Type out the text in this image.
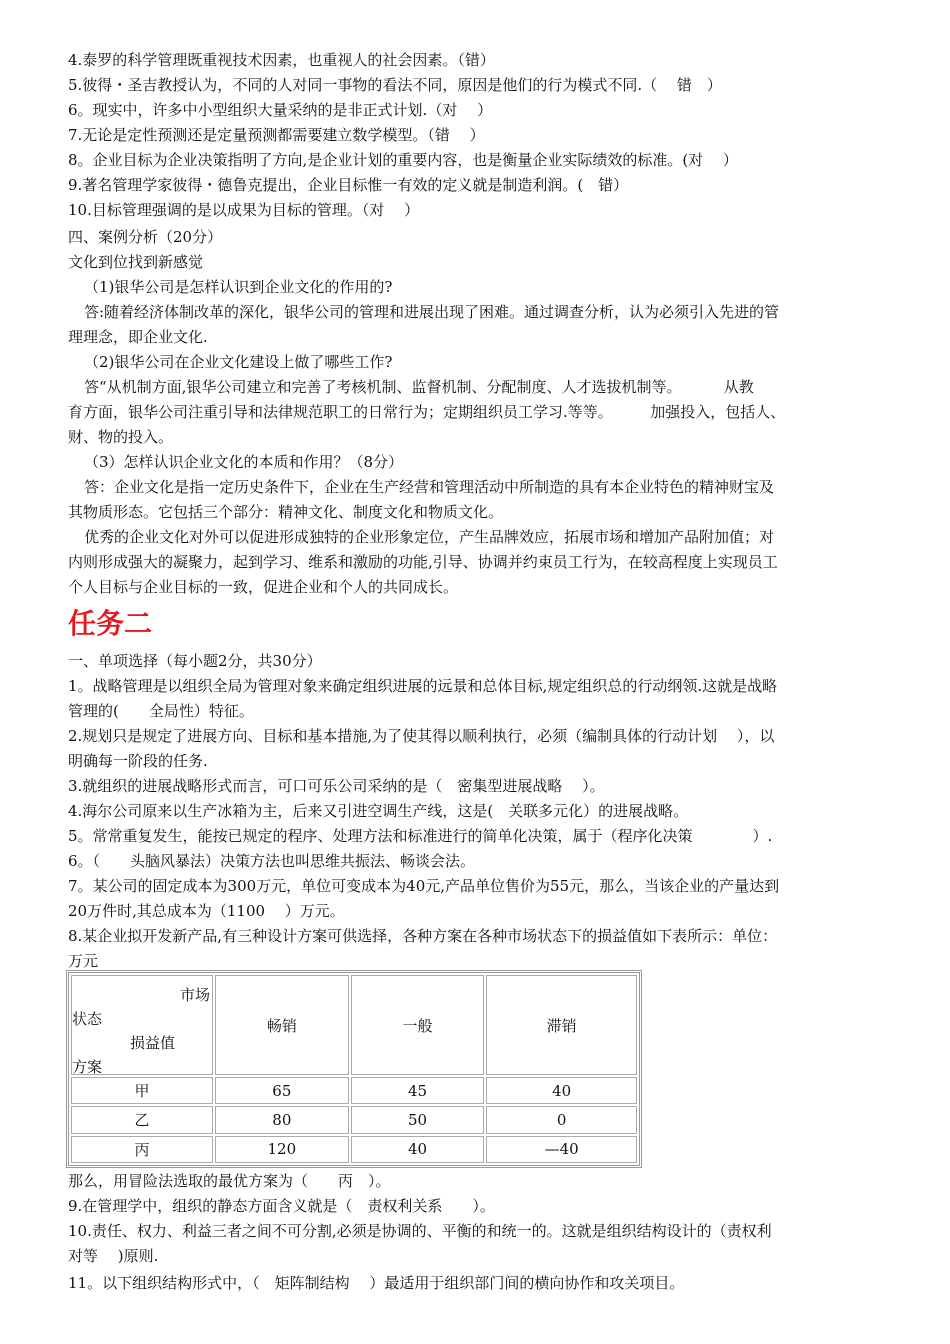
4.泰罗的科学管理既重视技术因素，也重视人的社会因素。（错）
5.彼得・圣吉教授认为，不同的人对同一事物的看法不同，原因是他们的行为模式不同.（　 错　）
6。现实中，许多中小型组织大量采纳的是非正式计划.（对　 ）
7.无论是定性预测还是定量预测都需要建立数学模型。（错　 ）
8。企业目标为企业决策指明了方向,是企业计划的重要内容，也是衡量企业实际绩效的标准。(对　 ）
9.著名管理学家彼得・德鲁克提出，企业目标惟一有效的定义就是制造利润。(　错）
10.目标管理强调的是以成果为目标的管理。（对　 ）
四、案例分析（20分）
文化到位找到新感觉
（1)银华公司是怎样认识到企业文化的作用的?
答:随着经济体制改革的深化，银华公司的管理和进展出现了困难。通过调查分析，认为必须引入先进的管
理理念，即企业文化.
（2)银华公司在企业文化建设上做了哪些工作?
答“从机制方面,银华公司建立和完善了考核机制、监督机制、分配制度、人才选拔机制等。　　　 从教
育方面，银华公司注重引导和法律规范职工的日常行为；定期组织员工学习.等等。　　　加强投入，包括人、
财、物的投入。
（3）怎样认识企业文化的本质和作用？（8分）
答：企业文化是指一定历史条件下，企业在生产经营和管理活动中所制造的具有本企业特色的精神财宝及
其物质形态。它包括三个部分：精神文化、制度文化和物质文化。
优秀的企业文化对外可以促进形成独特的企业形象定位，产生品牌效应，拓展市场和增加产品附加值；对
内则形成强大的凝聚力，起到学习、维系和激励的功能,引导、协调并约束员工行为，在较高程度上实现员工
个人目标与企业目标的一致，促进企业和个人的共同成长。
任务二
一、单项选择（每小题2分，共30分）
1。战略管理是以组织全局为管理对象来确定组织进展的远景和总体目标,规定组织总的行动纲领.这就是战略
管理的(　　全局性）特征。
2.规划只是规定了进展方向、目标和基本措施,为了使其得以顺利执行，必须（编制具体的行动计划　 ），以
明确每一阶段的任务.
3.就组织的进展战略形式而言，可口可乐公司采纳的是（　密集型进展战略　 ）。
4.海尔公司原来以生产冰箱为主，后来又引进空调生产线，这是(　关联多元化）的进展战略。
5。常常重复发生，能按已规定的程序、处理方法和标准进行的简单化决策，属于（程序化决策　　　　）.
6。（　　头脑风暴法）决策方法也叫思维共振法、畅谈会法。
7。某公司的固定成本为300万元，单位可变成本为40元,产品单位售价为55元，那么，当该企业的产量达到
20万件时,其总成本为（1100　 ）万元。
8.某企业拟开发新产品,有三种设计方案可供选择，各种方案在各种市场状态下的损益值如下表所示：单位：
万元
市场
状态
损益值
方案	畅销	一般	滞销
甲	65	45	40
乙	80	50	0
丙	120	40	—40
那么，用冒险法选取的最优方案为（　　丙　）。
9.在管理学中，组织的静态方面含义就是（　责权利关系　　）。
10.责任、权力、利益三者之间不可分割,必须是协调的、平衡的和统一的。这就是组织结构设计的（责权利
对等　 )原则.
11。以下组织结构形式中，（　矩阵制结构　 ）最适用于组织部门间的横向协作和攻关项目。
